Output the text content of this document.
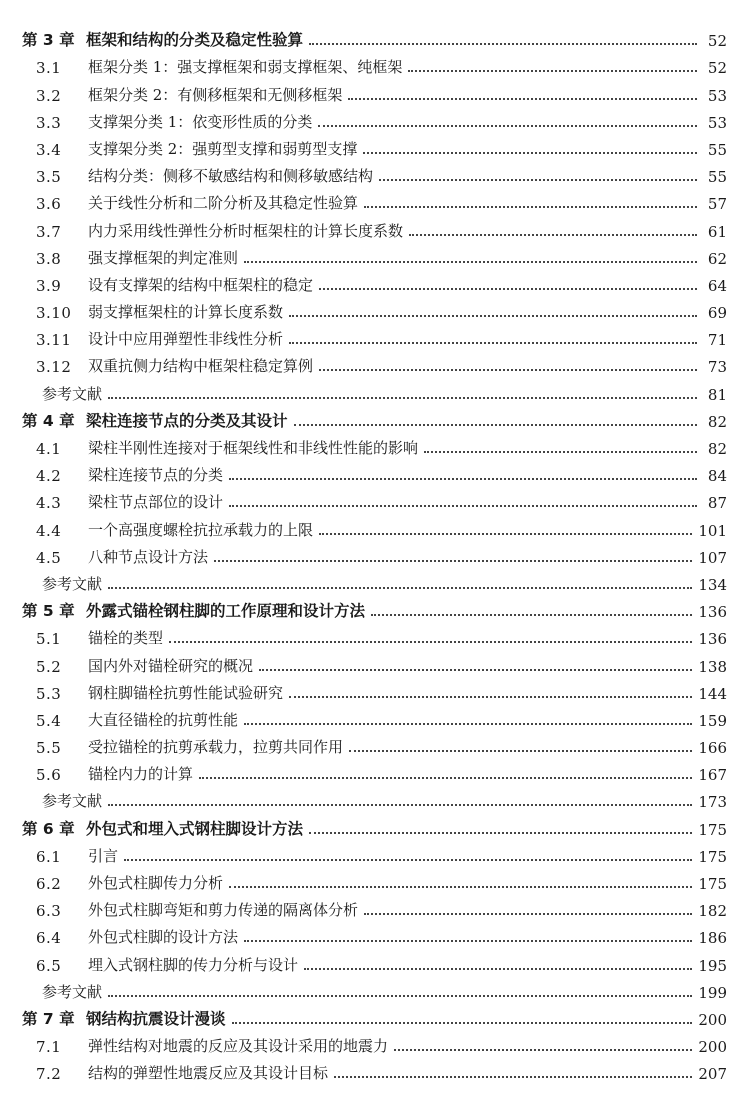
第 3 章 框架和结构的分类及稳定性验算	52
3.1	框架分类 1：强支撑框架和弱支撑框架、纯框架	52
3.2	框架分类 2：有侧移框架和无侧移框架	53
3.3	支撑架分类 1：依变形性质的分类	53
3.4	支撑架分类 2：强剪型支撑和弱剪型支撑	55
3.5	结构分类：侧移不敏感结构和侧移敏感结构	55
3.6	关于线性分析和二阶分析及其稳定性验算	57
3.7	内力采用线性弹性分析时框架柱的计算长度系数	61
3.8	强支撑框架的判定准则	62
3.9	设有支撑架的结构中框架柱的稳定	64
3.10	弱支撑框架柱的计算长度系数	69
3.11	设计中应用弹塑性非线性分析	71
3.12	双重抗侧力结构中框架柱稳定算例	73
参考文献	81
第 4 章 梁柱连接节点的分类及其设计	82
4.1	梁柱半刚性连接对于框架线性和非线性性能的影响	82
4.2	梁柱连接节点的分类	84
4.3	梁柱节点部位的设计	87
4.4	一个高强度螺栓抗拉承载力的上限	101
4.5	八种节点设计方法	107
参考文献	134
第 5 章 外露式锚栓钢柱脚的工作原理和设计方法	136
5.1	锚栓的类型	136
5.2	国内外对锚栓研究的概况	138
5.3	钢柱脚锚栓抗剪性能试验研究	144
5.4	大直径锚栓的抗剪性能	159
5.5	受拉锚栓的抗剪承载力，拉剪共同作用	166
5.6	锚栓内力的计算	167
参考文献	173
第 6 章 外包式和埋入式钢柱脚设计方法	175
6.1	引言	175
6.2	外包式柱脚传力分析	175
6.3	外包式柱脚弯矩和剪力传递的隔离体分析	182
6.4	外包式柱脚的设计方法	186
6.5	埋入式钢柱脚的传力分析与设计	195
参考文献	199
第 7 章 钢结构抗震设计漫谈	200
7.1	弹性结构对地震的反应及其设计采用的地震力	200
7.2	结构的弹塑性地震反应及其设计目标	207
